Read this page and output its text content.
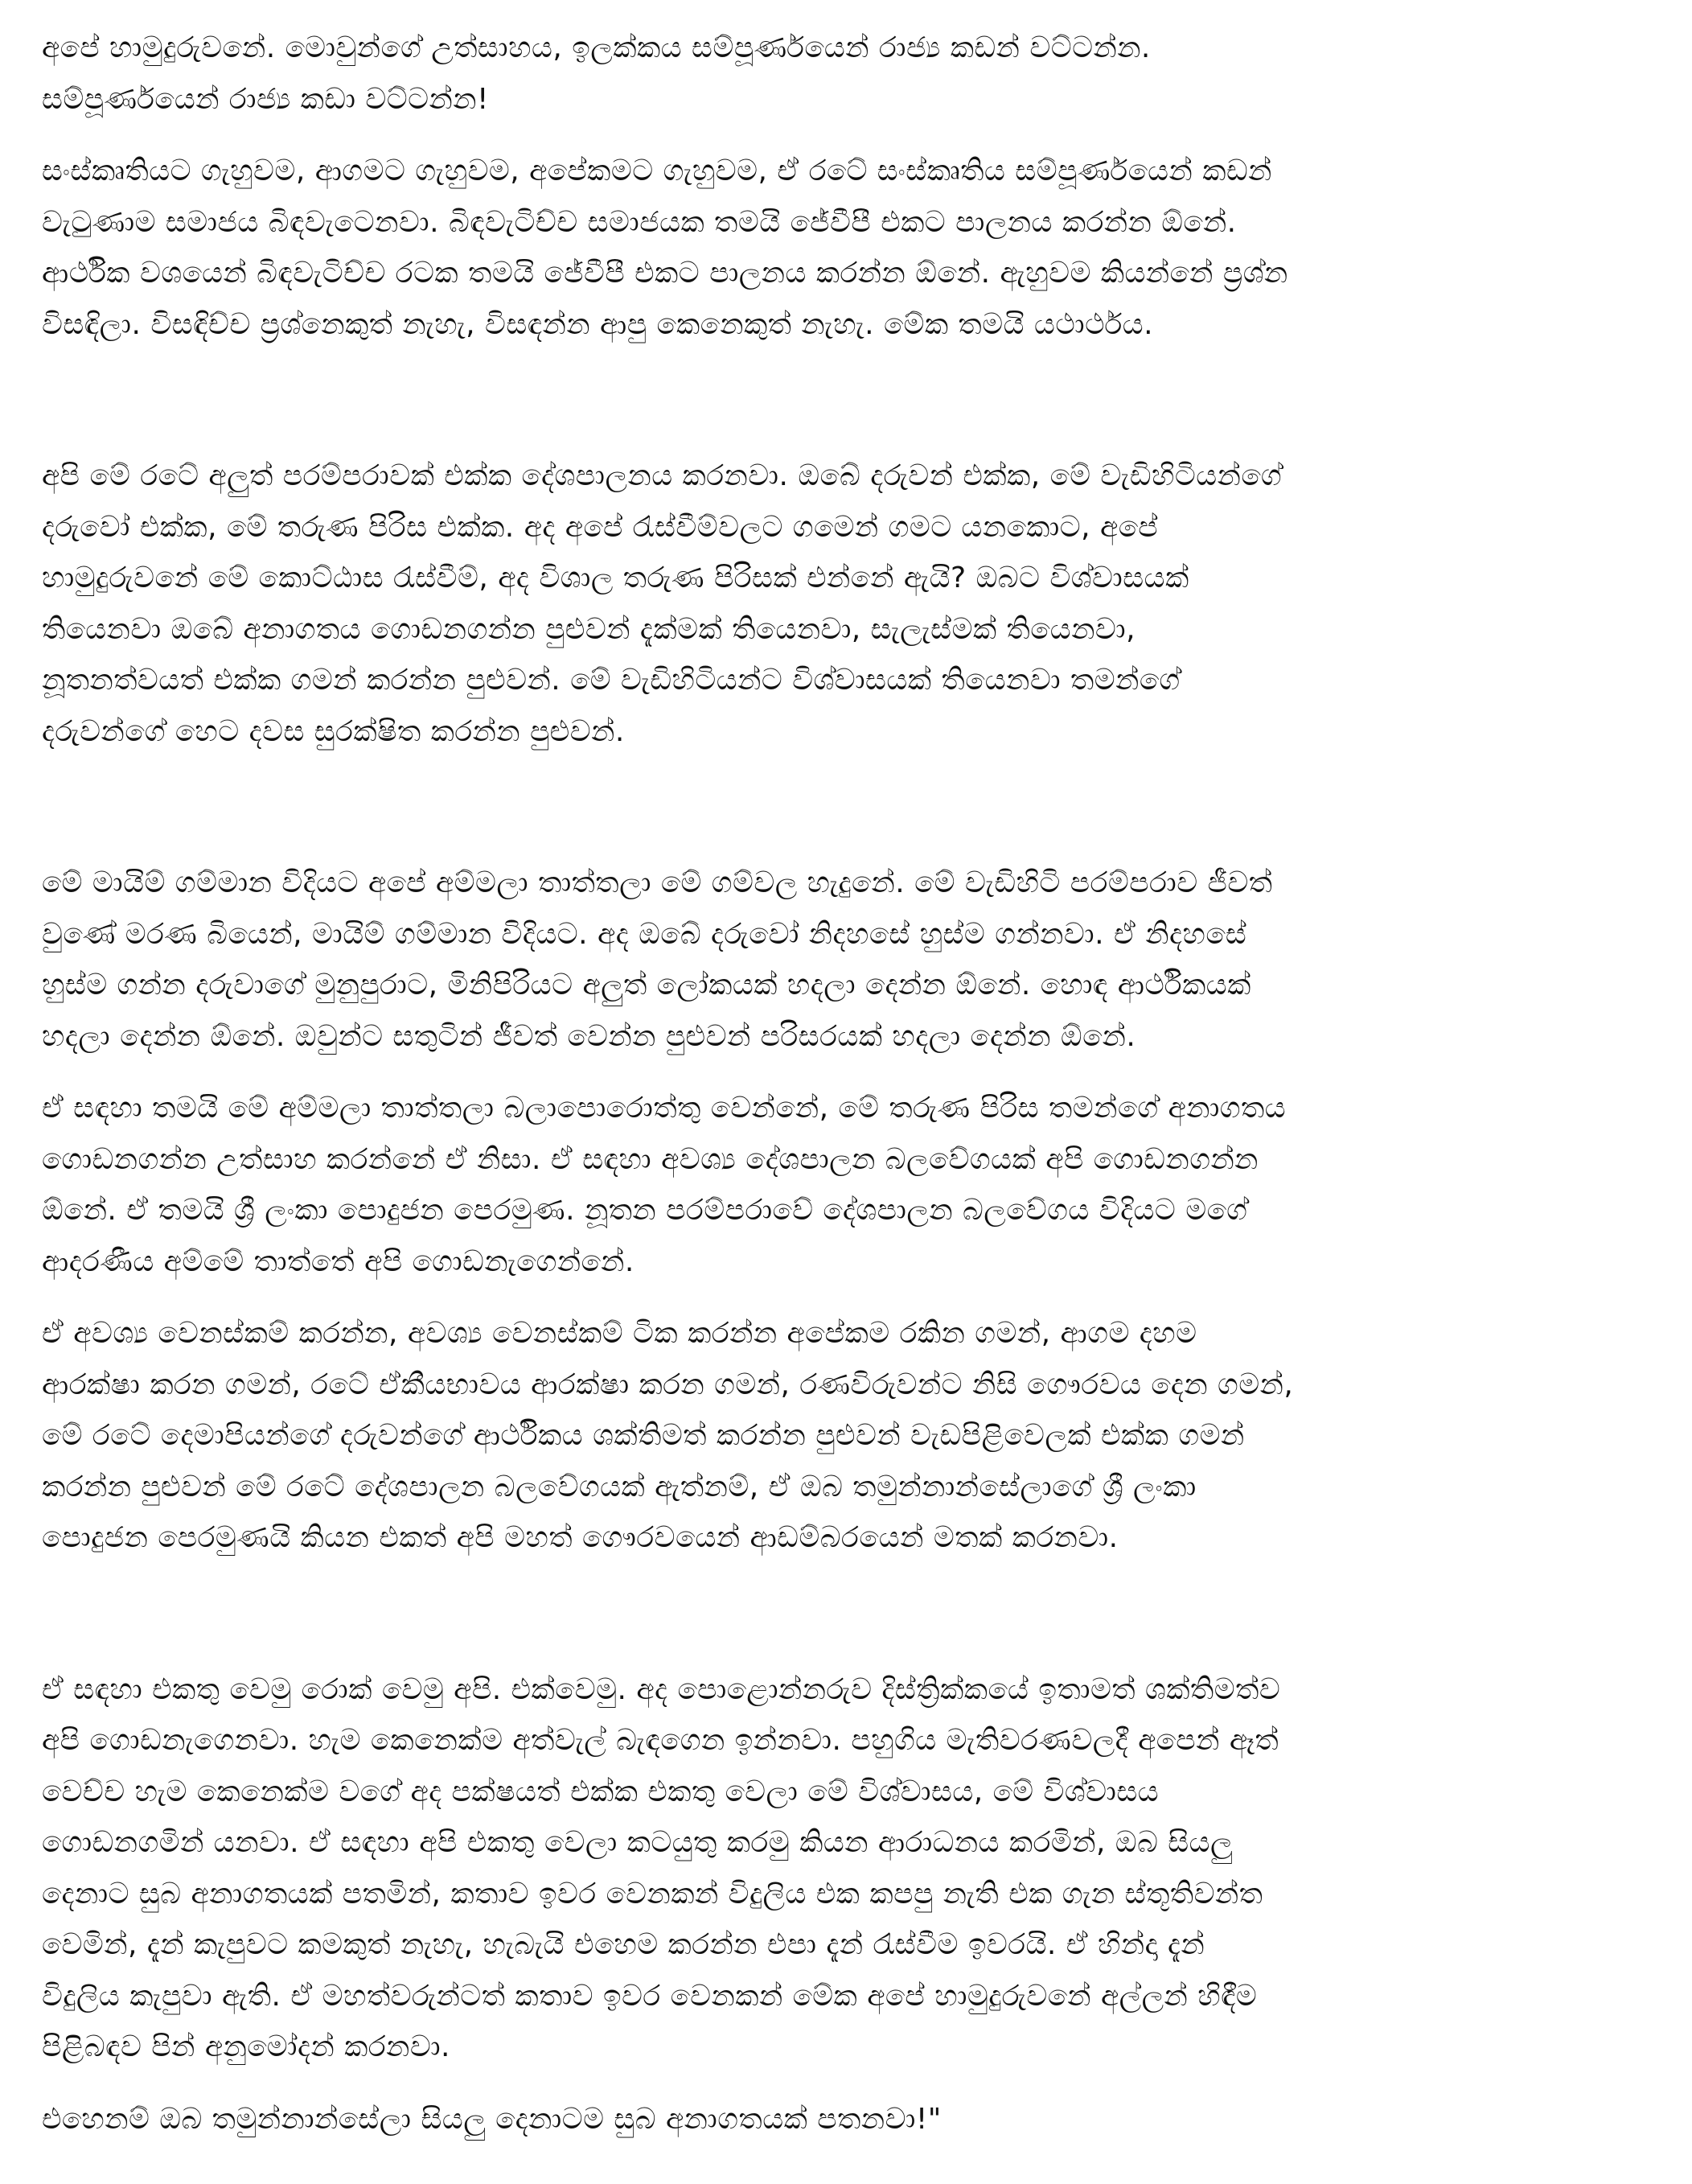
අපේ හාමුදුරුවනේ. මොවුන්ගේ උත්සාහය, ඉලක්කය සම්පූර්ණයෙන් රාජ්‍ය කඩන් වට්ටන්න.
සම්පූර්ණයෙන් රාජ්‍ය කඩා වට්ටන්න!

සංස්කෘතියට ගැහුවම, ආගමට ගැහුවම, අපේකමට ගැහුවම, ඒ රටේ සංස්කෘතිය සම්පූර්ණයෙන් කඩන්
වැටුණාම සමාජය බිඳවැටෙනවා. බිඳවැටිච්ච සමාජයක තමයි ජේවීපී එකට පාලනය කරන්න ඕනේ.
ආර්ථික වශයෙන් බිඳවැටිච්ච රටක තමයි ජේවීපී එකට පාලනය කරන්න ඕනේ. ඇහුවම කියන්නේ ප්‍රශ්න
විසඳිලා. විසඳිච්ච ප්‍රශ්නෙකුත් නැහැ, විසඳන්න ආපු කෙනෙකුත් නැහැ. මේක තමයි යථාර්ථය.

අපි මේ රටේ අලුත් පරම්පරාවක් එක්ක දේශපාලනය කරනවා. ඔබේ දරුවන් එක්ක, මේ වැඩිහිටියන්ගේ
දරුවෝ එක්ක, මේ තරුණ පිරිස එක්ක. අද අපේ රැස්වීම්වලට ගමෙන් ගමට යනකොට, අපේ
හාමුදුරුවනේ මේ කොට්ඨාස රැස්වීම්, අද විශාල තරුණ පිරිසක් එන්නේ ඇයි? ඔබට විශ්වාසයක්
තියෙනවා ඔබේ අනාගතය ගොඩනගන්න පුළුවන් දැක්මක් තියෙනවා, සැලැස්මක් තියෙනවා,
නූතනත්වයත් එක්ක ගමන් කරන්න පුළුවන්. මේ වැඩිහිටියන්ට විශ්වාසයක් තියෙනවා තමන්ගේ
දරුවන්ගේ හෙට දවස සුරක්ෂිත කරන්න පුළුවන්.

මේ මායිම් ගම්මාන විදියට අපේ අම්මලා තාත්තලා මේ ගම්වල හැදුනේ. මේ වැඩිහිටි පරම්පරාව ජීවත්
වුණේ මරණ බියෙන්, මායිම් ගම්මාන විදියට. අද ඔබේ දරුවෝ නිදහසේ හුස්ම ගන්නවා. ඒ නිදහසේ
හුස්ම ගන්න දරුවාගේ මුනුපුරාට, මිනිපිරියට අලුත් ලෝකයක් හදලා දෙන්න ඕනේ. හොඳ ආර්ථිකයක්
හදලා දෙන්න ඕනේ. ඔවුන්ට සතුටින් ජීවත් වෙන්න පුළුවන් පරිසරයක් හදලා දෙන්න ඕනේ.

ඒ සඳහා තමයි මේ අම්මලා තාත්තලා බලාපොරොත්තු වෙන්නේ, මේ තරුණ පිරිස තමන්ගේ අනාගතය
ගොඩනගන්න උත්සාහ කරන්නේ ඒ නිසා. ඒ සඳහා අවශ්‍ය දේශපාලන බලවේගයක් අපි ගොඩනගන්න
ඕනේ. ඒ තමයි ශ්‍රී ලංකා පොදුජන පෙරමුණ. නූතන පරම්පරාවේ දේශපාලන බලවේගය විදියට මගේ
ආදරණීය අම්මේ තාත්තේ අපි ගොඩනැගෙන්නේ.

ඒ අවශ්‍ය වෙනස්කම් කරන්න, අවශ්‍ය වෙනස්කම් ටික කරන්න අපේකම රකින ගමන්, ආගම දහම
ආරක්ෂා කරන ගමන්, රටේ ඒකීයභාවය ආරක්ෂා කරන ගමන්, රණවිරුවන්ට නිසි ගෞරවය දෙන ගමන්,
මේ රටේ දෙමාපියන්ගේ දරුවන්ගේ ආර්ථිකය ශක්තිමත් කරන්න පුළුවන් වැඩපිළිවෙලක් එක්ක ගමන්
කරන්න පුළුවන් මේ රටේ දේශපාලන බලවේගයක් ඇත්නම්, ඒ ඔබ තමුන්නාන්සේලාගේ ශ්‍රී ලංකා
පොදුජන පෙරමුණයි කියන එකත් අපි මහත් ගෞරවයෙන් ආඩම්බරයෙන් මතක් කරනවා.

ඒ සඳහා එකතු වෙමු රොක් වෙමු අපි. එක්වෙමු. අද පොළොන්නරුව දිස්ත්‍රික්කයේ ඉතාමත් ශක්තිමත්ව
අපි ගොඩනැගෙනවා. හැම කෙනෙක්ම අත්වැල් බැඳගෙන ඉන්නවා. පහුගිය මැතිවරණවලදී අපෙන් ඈත්
වෙච්ච හැම කෙනෙක්ම වගේ අද පක්ෂයත් එක්ක එකතු වෙලා මේ විශ්වාසය, මේ විශ්වාසය
ගොඩනගමින් යනවා. ඒ සඳහා අපි එකතු වෙලා කටයුතු කරමු කියන ආරාධනය කරමින්, ඔබ සියලු
දෙනාට සුබ අනාගතයක් පතමින්, කතාව ඉවර වෙනකන් විදුලිය එක කපපු නැති එක ගැන ස්තූතිවන්ත
වෙමින්, දැන් කැපුවට කමකුත් නැහැ, හැබැයි එහෙම කරන්න එපා දැන් රැස්වීම ඉවරයි. ඒ හින්දා දැන්
විදුලිය කැපුවා ඇති. ඒ මහත්වරුන්ටත් කතාව ඉවර වෙනකන් මේක අපේ හාමුදුරුවනේ අල්ලන් හිඳීම
පිළිබඳව පින් අනුමෝදන් කරනවා.

එහෙනම් ඔබ තමුන්නාන්සේලා සියලු දෙනාටම සුබ අනාගතයක් පතනවා!"
